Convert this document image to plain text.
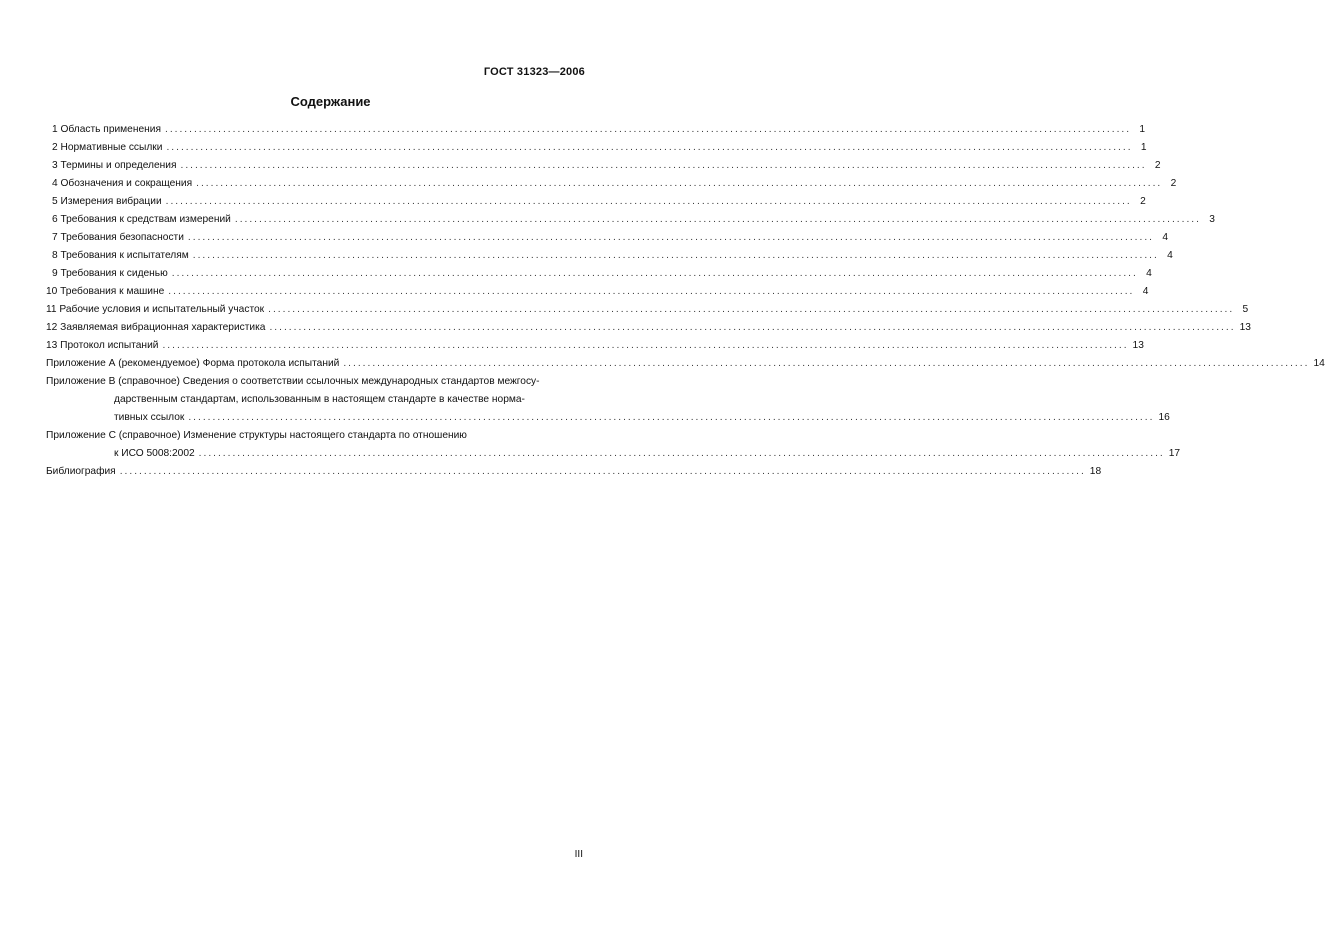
ГОСТ 31323—2006
Содержание
1 Область применения ........................................................................................................................................................................................................ 1
2 Нормативные ссылки ........................................................................................................................................................................................................ 1
3 Термины и определения ........................................................................................................................................................................................................ 2
4 Обозначения и сокращения ........................................................................................................................................................................................................ 2
5 Измерения вибрации ........................................................................................................................................................................................................ 2
6 Требования к средствам измерений ........................................................................................................................................................................................................ 3
7 Требования безопасности ........................................................................................................................................................................................................ 4
8 Требования к испытателям ........................................................................................................................................................................................................ 4
9 Требования к сиденью ........................................................................................................................................................................................................ 4
10 Требования к машине ........................................................................................................................................................................................................ 4
11 Рабочие условия и испытательный участок ........................................................................................................................................................................................................ 5
12 Заявляемая вибрационная характеристика ........................................................................................................................................................................................................ 13
13 Протокол испытаний ........................................................................................................................................................................................................ 13
Приложение А (рекомендуемое) Форма протокола испытаний ........................................................................................................................................................................................................ 14
Приложение В (справочное) Сведения о соответствии ссылочных международных стандартов межгосу-
дарственным стандартам, использованным в настоящем стандарте в качестве норма-
тивных ссылок ........................................................................................................................................................................................................ 16
Приложение С (справочное) Изменение структуры настоящего стандарта по отношению
к ИСО 5008:2002 ........................................................................................................................................................................................................ 17
Библиография ........................................................................................................................................................................................................ 18
III
